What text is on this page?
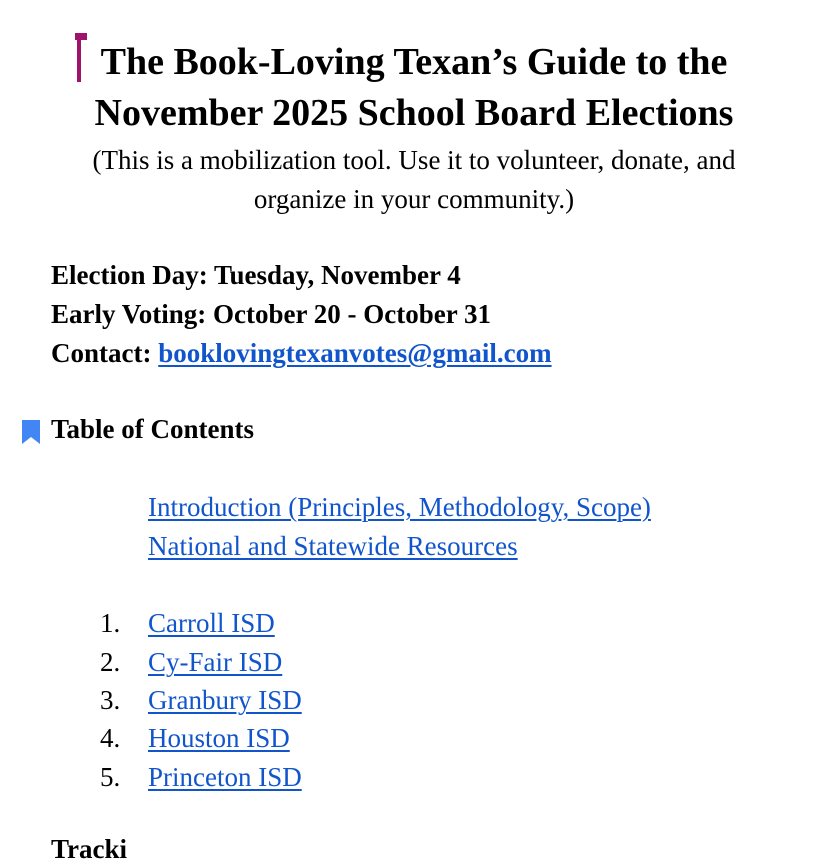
The Book-Loving Texan’s Guide to the
November 2025 School Board Elections
(This is a mobilization tool. Use it to volunteer, donate, and
organize in your community.)
Election Day: Tuesday, November 4
Early Voting: October 20 - October 31
Contact: booklovingtexanvotes@gmail.com
Table of Contents
Introduction (Principles, Methodology, Scope)
National and Statewide Resources
1.	Carroll ISD
2.	Cy-Fair ISD
3.	Granbury ISD
4.	Houston ISD
5.	Princeton ISD
Tracki
